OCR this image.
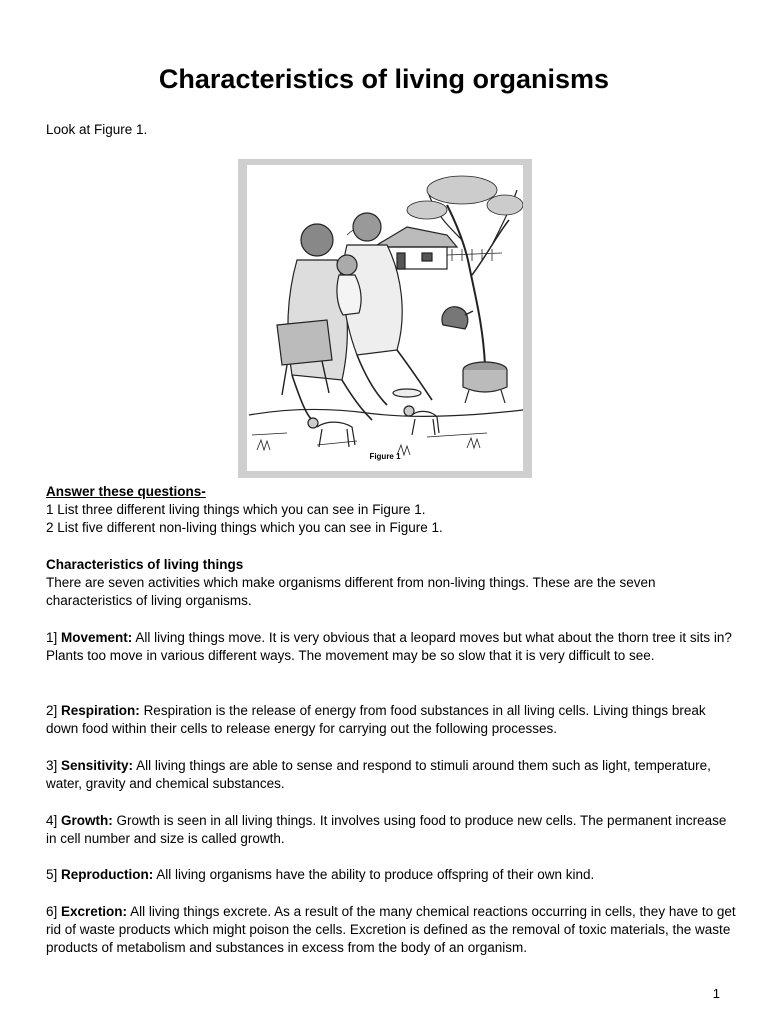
Characteristics of living organisms

Look at Figure 1.

Figure 1

Answer these questions-

1 List three different living things which you can see in Figure 1.

2 List five different non-living things which you can see in Figure 1.

Characteristics of living things

There are seven activities which make organisms different from non-living things. These are the seven characteristics of living organisms.

1] Movement: All living things move. It is very obvious that a leopard moves but what about the thorn tree it sits in? Plants too move in various different ways. The movement may be so slow that it is very difficult to see.

2] Respiration: Respiration is the release of energy from food substances in all living cells. Living things break down food within their cells to release energy for carrying out the following processes.

3] Sensitivity: All living things are able to sense and respond to stimuli around them such as light, temperature, water, gravity and chemical substances.

4] Growth: Growth is seen in all living things. It involves using food to produce new cells. The permanent increase in cell number and size is called growth.

5] Reproduction: All living organisms have the ability to produce offspring of their own kind.

6] Excretion: All living things excrete. As a result of the many chemical reactions occurring in cells, they have to get rid of waste products which might poison the cells. Excretion is defined as the removal of toxic materials, the waste products of metabolism and substances in excess from the body of an organism.

1
